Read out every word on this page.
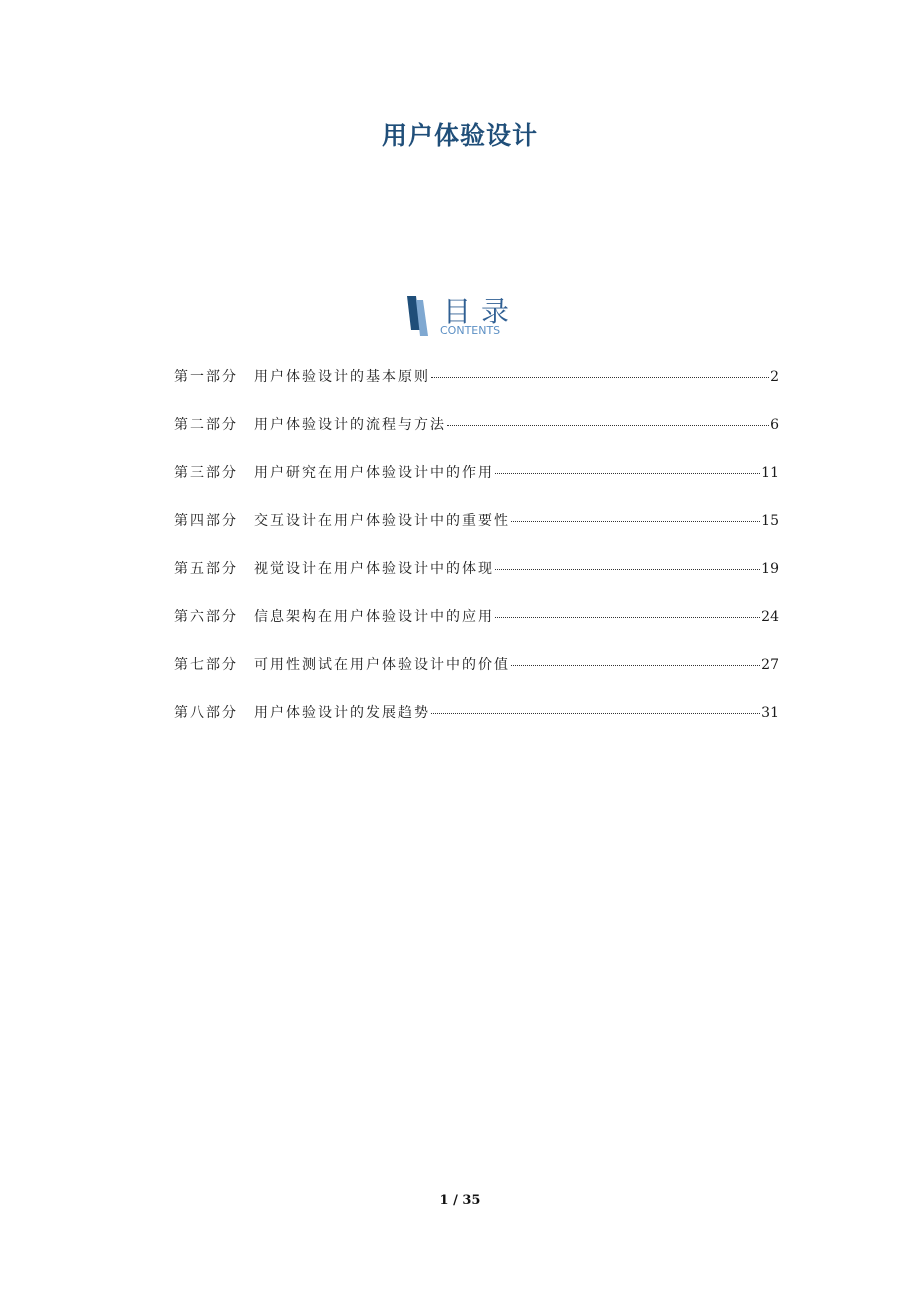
用户体验设计
目录
CONTENTS
第一部分	用户体验设计的基本原则	2
第二部分	用户体验设计的流程与方法	6
第三部分	用户研究在用户体验设计中的作用	11
第四部分	交互设计在用户体验设计中的重要性	15
第五部分	视觉设计在用户体验设计中的体现	19
第六部分	信息架构在用户体验设计中的应用	24
第七部分	可用性测试在用户体验设计中的价值	27
第八部分	用户体验设计的发展趋势	31
1 / 35
